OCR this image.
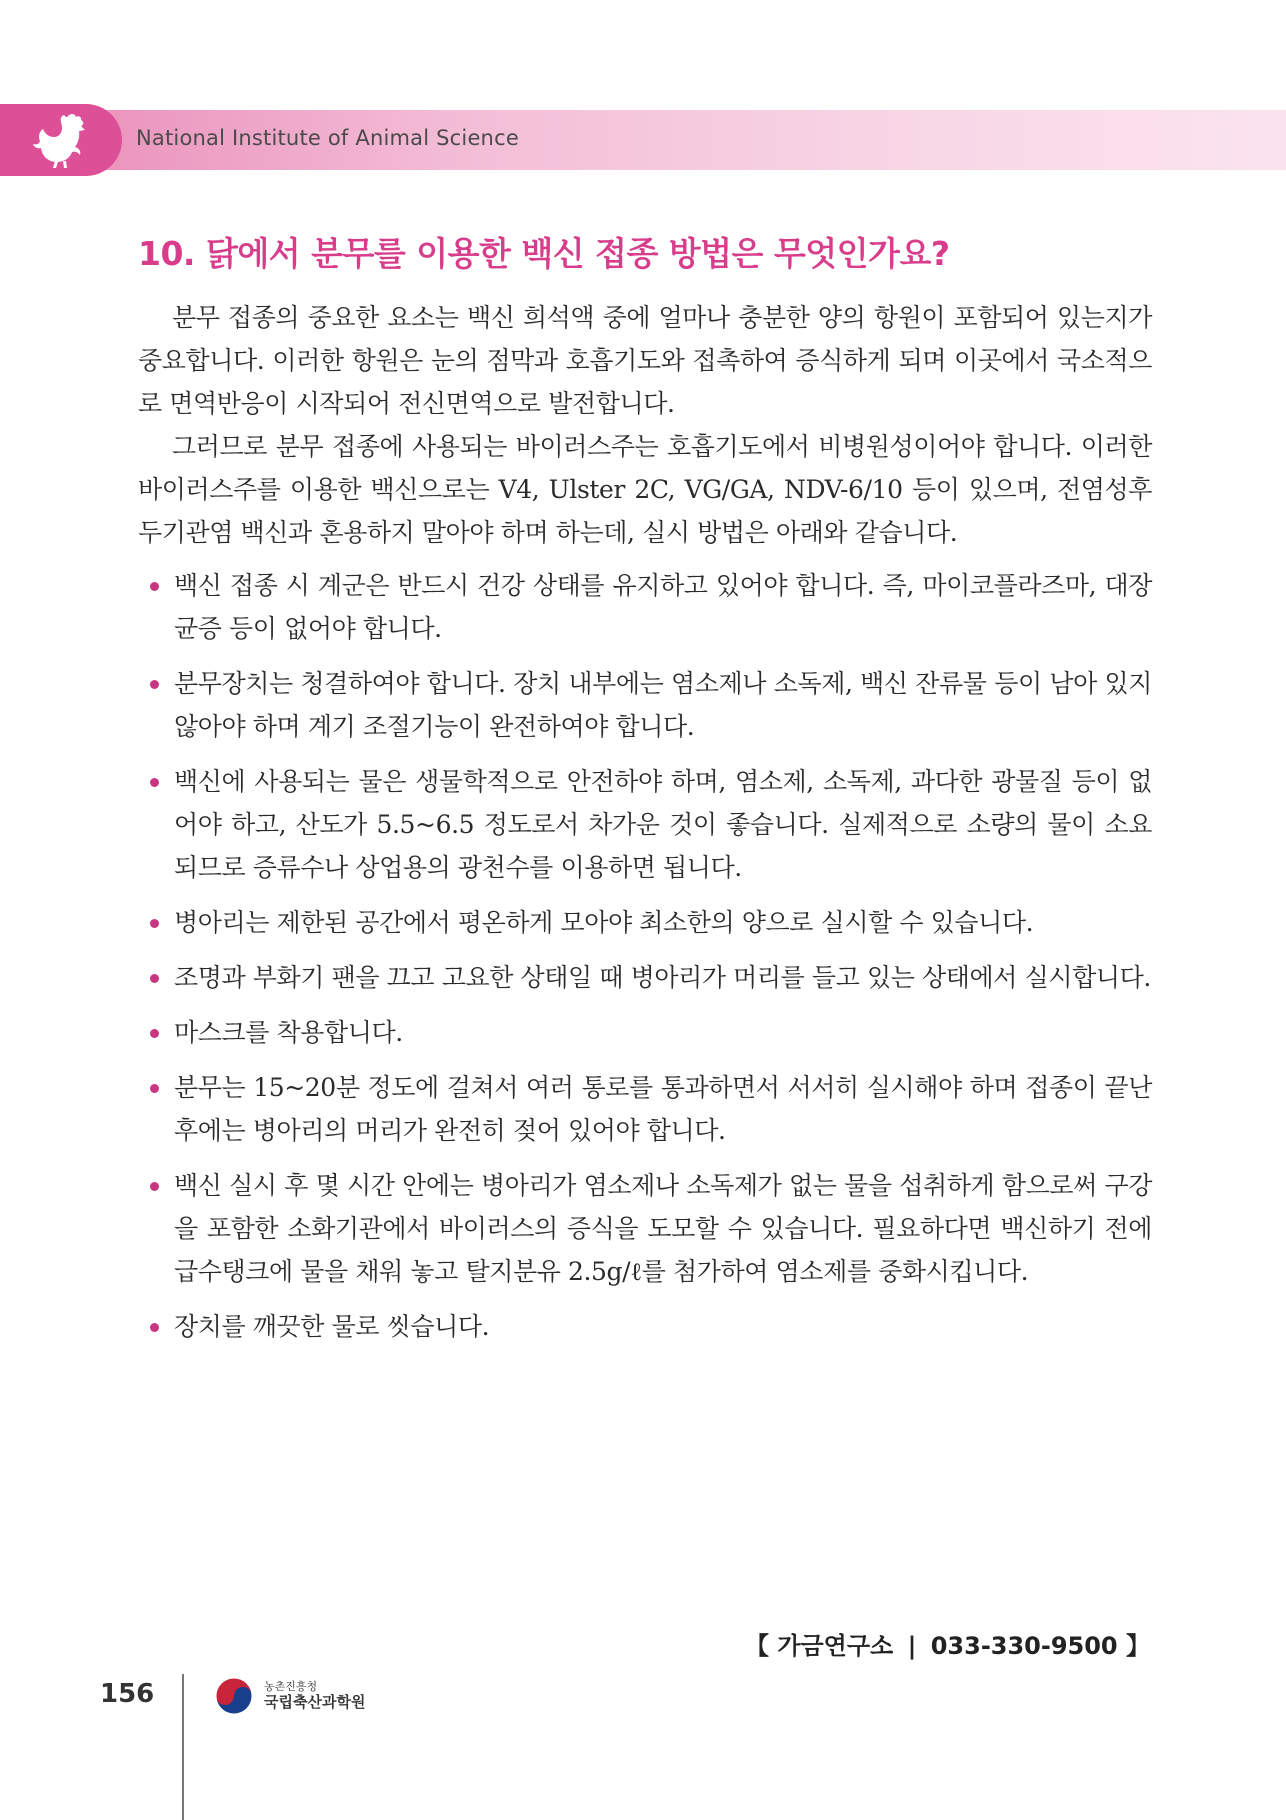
National Institute of Animal Science
10. 닭에서 분무를 이용한 백신 접종 방법은 무엇인가요?

분무 접종의 중요한 요소는 백신 희석액 중에 얼마나 충분한 양의 항원이 포함되어 있는지가 중요합니다. 이러한 항원은 눈의 점막과 호흡기도와 접촉하여 증식하게 되며 이곳에서 국소적으로 면역반응이 시작되어 전신면역으로 발전합니다.

그러므로 분무 접종에 사용되는 바이러스주는 호흡기도에서 비병원성이어야 합니다. 이러한 바이러스주를 이용한 백신으로는 V4, Ulster 2C, VG/GA, NDV-6/10 등이 있으며, 전염성후두기관염 백신과 혼용하지 말아야 하며 하는데, 실시 방법은 아래와 같습니다.

백신 접종 시 계군은 반드시 건강 상태를 유지하고 있어야 합니다. 즉, 마이코플라즈마, 대장균증 등이 없어야 합니다.
분무장치는 청결하여야 합니다. 장치 내부에는 염소제나 소독제, 백신 잔류물 등이 남아 있지 않아야 하며 계기 조절기능이 완전하여야 합니다.
백신에 사용되는 물은 생물학적으로 안전하야 하며, 염소제, 소독제, 과다한 광물질 등이 없어야 하고, 산도가 5.5~6.5 정도로서 차가운 것이 좋습니다. 실제적으로 소량의 물이 소요되므로 증류수나 상업용의 광천수를 이용하면 됩니다.
병아리는 제한된 공간에서 평온하게 모아야 최소한의 양으로 실시할 수 있습니다.
조명과 부화기 팬을 끄고 고요한 상태일 때 병아리가 머리를 들고 있는 상태에서 실시합니다.
마스크를 착용합니다.
분무는 15~20분 정도에 걸쳐서 여러 통로를 통과하면서 서서히 실시해야 하며 접종이 끝난 후에는 병아리의 머리가 완전히 젖어 있어야 합니다.
백신 실시 후 몇 시간 안에는 병아리가 염소제나 소독제가 없는 물을 섭취하게 함으로써 구강을 포함한 소화기관에서 바이러스의 증식을 도모할 수 있습니다. 필요하다면 백신하기 전에 급수탱크에 물을 채워 놓고 탈지분유 2.5g/ℓ를 첨가하여 염소제를 중화시킵니다.
장치를 깨끗한 물로 씻습니다.
【 가금연구소 | 033-330-9500 】
156	농촌진흥청
국립축산과학원
